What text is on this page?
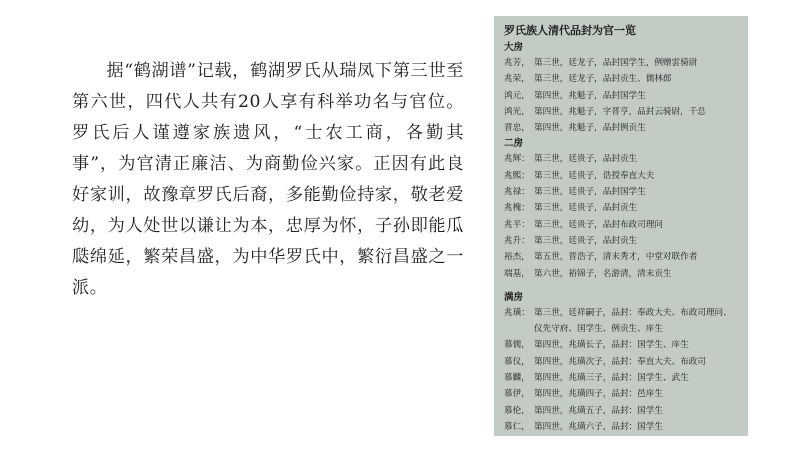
据“鹤湖谱”记载，鹤湖罗氏从瑞凤下第三世至第六世，四代人共有20人享有科举功名与官位。罗氏后人谨遵家族遗风，“士农工商，各勤其事”，为官清正廉洁、为商勤俭兴家。正因有此良好家训，故豫章罗氏后裔，多能勤俭持家，敬老爱幼，为人处世以谦让为本，忠厚为怀，子孙即能瓜瓞绵延，繁荣昌盛，为中华罗氏中，繁衍昌盛之一派。

罗氏族人清代品封为官一览
大房
兆芳， 第三世，廷龙子，品封国学生，例赠雲骑尉
兆荣， 第三世，廷龙子，品封贡生、儒林郎
鸿元， 第四世，兆魁子，品封国学生
鸿光， 第四世，兆魁子，字晋亨，品封云骑尉，千总
晋忠， 第四世，兆魁子，品封例贡生
二房
兆辉： 第三世，廷贵子，品封贡生
兆熙： 第三世，廷贵子，诰授奉直大夫
兆禄： 第三世，廷贵子，品封国学生
兆槐： 第三世，廷贵子，品封贡生
兆平： 第三世，廷贵子，品封布政司理问
兆升： 第三世，廷贵子，品封贡生
裕杰， 第五世，晋浩子，清末秀才，中堂对联作者
端基， 第六世，裕锦子，名游清，清末贡生
满房
兆璜： 第三世，廷祥嗣子，品封：奉政大夫、布政司理问、仪先守府、国学生、例贡生、庠生
慕儒， 第四世，兆璜长子，品封：国学生、庠生
慕仪， 第四世，兆璜次子，品封：奉直大夫、布政司
慕麟， 第四世，兆璜三子，品封：国学生、武生
慕伊， 第四世，兆璜四子，品封：邑庠生
慕伦， 第四世，兆璜五子，品封：国学生
慕仁， 第四世，兆璜六子，品封：国学生
